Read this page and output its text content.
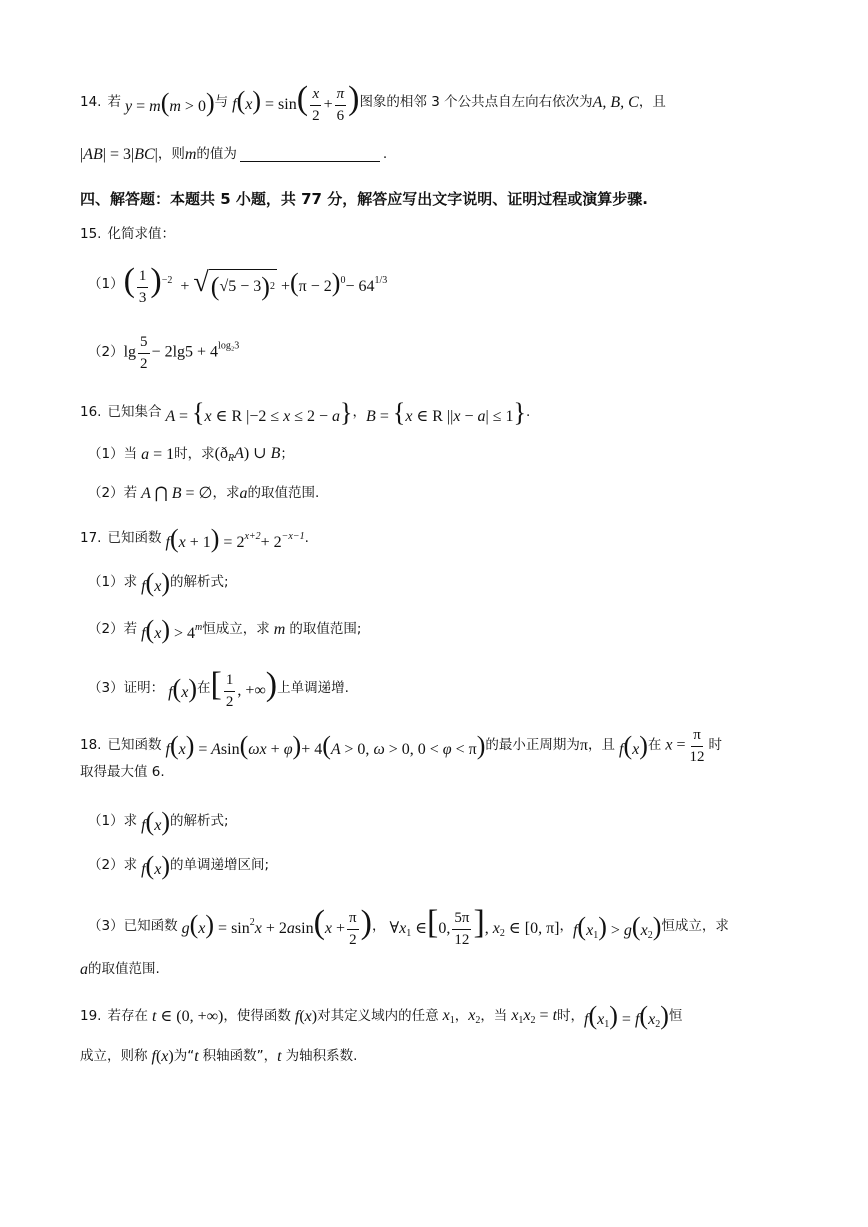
14. 若 y = m(m > 0) 与 $f(x) = \sin( \frac{x}{2} + \frac{\pi}{6}$ ) 图象的相邻 3 个公共点自左向右依次为 A, B, C ，且
|AB| = 3|BC| ，则 m 的值为	.
四、解答题：本题共 5 小题，共 77 分，解答应写出文字说明、证明过程或演算步骤.
15. 化简求值：
（1） ( $\frac{1}{3} )^{-2}$  + √ ( √5 − 3 ) $2 +(\pi - 2)^0- 64^{1/3}$
（2） $\lg \frac{5}{2} - 2\lg 5 + 4^{log_23}$
16. 已知集合 A = {x ∈ R |−2 ≤ x ≤ 2 − a} ， B = {x ∈ R ||x − a| ≤ 1} .
（1）当 a = 1 时，求 $(ð_RA)$ ∪ B ；
（2）若 A ⋂ B = ∅ ，求 a 的取值范围.
17. 已知函数 $f(x + 1) = 2^{x+2}+ 2^{-x-1}$ .
（1）求 f(x) 的解析式;
（2）若 $f(x) > 4^m$ 恒成立，求 m 的取值范围;
（3）证明： f(x) 在 [ $\frac{1}{2}$ , +∞) 上单调递增.
18. 已知函数 f(x) = Asin(ωx + φ)+ 4(A > 0, ω > 0, 0 < φ < π) 的最小正周期为 π ，且 f(x) 在 $x = \frac{\pi}{12}$ 时
取得最大值 6.
（1）求 f(x) 的解析式;
（2）求 f(x) 的单调递增区间;
（3）已知函数 $g(x) = \sin^2x + 2asin(x + \frac{\pi}{2}$ ) ， $\forall x_1$ ∈[0, $\frac{5\pi}{12}$ ], $x_2$ ∈ [0, π] ， $f(x_1) > g(x_2)$ 恒成立，求
a 的取值范围.
19. 若存在 t ∈ (0, +∞) ，使得函数 f(x) 对其定义域内的任意 $x_1$ ， $x_2$ ，当 $x_1x_2 = t$ 时， $f(x_1) = f(x_2)$ 恒
成立，则称 f(x) 为“ t 积轴函数”， t 为轴积系数.
